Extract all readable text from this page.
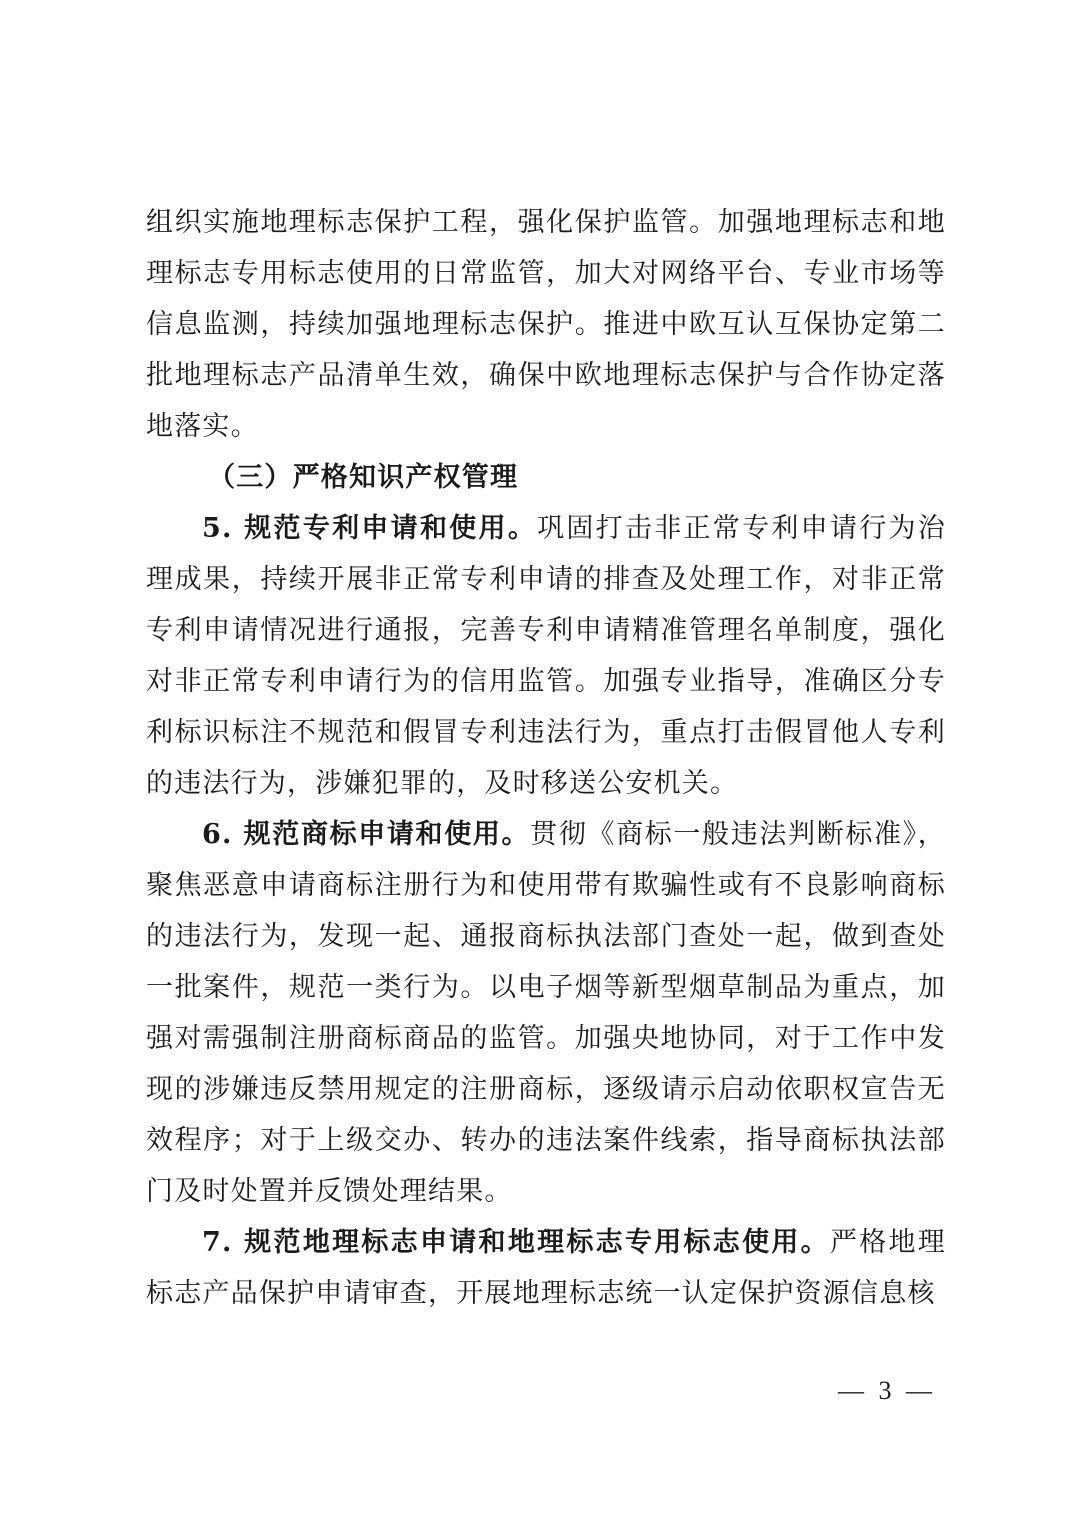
组织实施地理标志保护工程，强化保护监管。加强地理标志和地理标志专用标志使用的日常监管，加大对网络平台、专业市场等信息监测，持续加强地理标志保护。推进中欧互认互保协定第二批地理标志产品清单生效，确保中欧地理标志保护与合作协定落地落实。

（三）严格知识产权管理

5. 规范专利申请和使用。巩固打击非正常专利申请行为治理成果，持续开展非正常专利申请的排查及处理工作，对非正常专利申请情况进行通报，完善专利申请精准管理名单制度，强化对非正常专利申请行为的信用监管。加强专业指导，准确区分专利标识标注不规范和假冒专利违法行为，重点打击假冒他人专利的违法行为，涉嫌犯罪的，及时移送公安机关。

6. 规范商标申请和使用。贯彻《商标一般违法判断标准》，聚焦恶意申请商标注册行为和使用带有欺骗性或有不良影响商标的违法行为，发现一起、通报商标执法部门查处一起，做到查处一批案件，规范一类行为。以电子烟等新型烟草制品为重点，加强对需强制注册商标商品的监管。加强央地协同，对于工作中发现的涉嫌违反禁用规定的注册商标，逐级请示启动依职权宣告无效程序；对于上级交办、转办的违法案件线索，指导商标执法部门及时处置并反馈处理结果。

7. 规范地理标志申请和地理标志专用标志使用。严格地理标志产品保护申请审查，开展地理标志统一认定保护资源信息核

— 3 —
